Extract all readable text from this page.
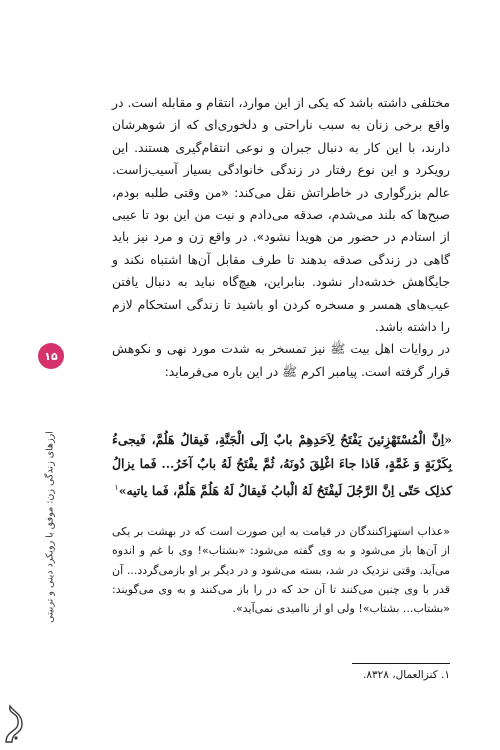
مختلفی داشته باشد که یکی از این موارد، انتقام و مقابله است. در واقع برخی زنان به سبب ناراحتی و دلخوری‌ای که از شوهرشان دارند، با این کار به دنبال جبران و نوعی انتقام‌گیری هستند. این رویکرد و این نوع رفتار در زندگی خانوادگی بسیار آسیب‌زاست. عالم بزرگواری در خاطراتش نقل می‌کند: «من وقتی طلبه بودم، صبح‌ها که بلند می‌شدم، صدقه می‌دادم و نیت من این بود تا عیبی از استادم در حضور من هویدا نشود». در واقع زن و مرد نیز باید گاهی در زندگی صدقه بدهند تا طرف مقابل آن‌ها اشتباه نکند و جایگاهش خدشه‌دار نشود. بنابراین، هیچ‌گاه نباید به دنبال یافتن عیب‌های همسر و مسخره کردن او باشید تا زندگی استحکام لازم را داشته باشد.

در روایات اهل بیت ﷺ نیز تمسخر به شدت مورد نهی و نکوهش قرار گرفته است. پیامبر اکرم ﷺ در این باره می‌فرماید:

«اِنَّ الْمُسْتَهْزِئینَ یَفْتَحُ لِاَحَدِهِمْ بابٌ اِلَی الْجَنَّةِ، فَیقالُ هَلُمَّ، فَیجیءُ بِکَرْبَةٍ وَ غَمَّةٍ، فَاذا جاءَ اغْلِقَ دُونَهُ، ثُمَّ یفْتَحُ لَهُ بابٌ آخَرُ... فَما یزالُ کذلِک حَتّی اِنَّ الرَّجُلَ لَیفْتَحُ لَهُ الْبابُ فَیقالُ لَهُ هَلُمَّ هَلُمَّ، فَما یاتیه»$^۱$

«عذاب استهزاکنندگان در قیامت به این صورت است که در بهشت بر یکی از آن‌ها باز می‌شود و به وی گفته می‌شود: «بشتاب»! وی با غم و اندوه می‌آید. وقتی نزدیک در شد، بسته می‌شود و در دیگر بر او بازمی‌گردد... آن قدر با وی چنین می‌کنند تا آن حد که در را باز می‌کنند و به وی می‌گویند: «بشتاب... بشتاب»! ولی او از ناامیدی نمی‌آید».

۱. کنزالعمال، ۸۳۲۸.
۱۵
ارزهای زندگی زن: موفق با رویکرد دینی و تربیتی
